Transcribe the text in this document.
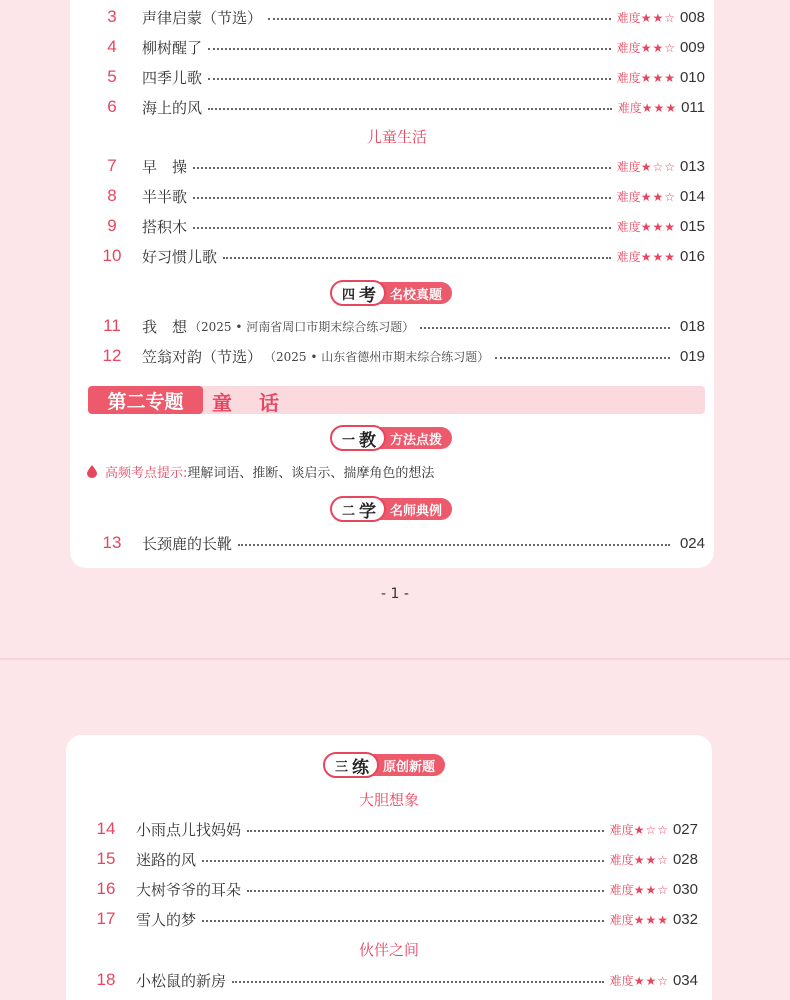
3	声律启蒙（节选）	难度★★☆ 008
4	柳树醒了	难度★★☆ 009
5	四季儿歌	难度★★★ 010
6	海上的风	难度★★★ 011
儿童生活
7	早　操	难度★☆☆ 013
8	半半歌	难度★★☆ 014
9	搭积木	难度★★★ 015
10	好习惯儿歌	难度★★★ 016
四 考	名校真题
11	我　想 （2025 • 河南省周口市期末综合练习题）	018
12	笠翁对韵（节选） （2025 • 山东省德州市期末综合练习题）	019
第二专题	童 话
一 教	方法点拨
高频考点提示: 理解词语、推断、谈启示、揣摩角色的想法
二 学	名师典例
13	长颈鹿的长靴	024
- 1 -
三 练	原创新题
大胆想象
14	小雨点儿找妈妈	难度★☆☆ 027
15	迷路的风	难度★★☆ 028
16	大树爷爷的耳朵	难度★★☆ 030
17	雪人的梦	难度★★★ 032
伙伴之间
18	小松鼠的新房	难度★★☆ 034
